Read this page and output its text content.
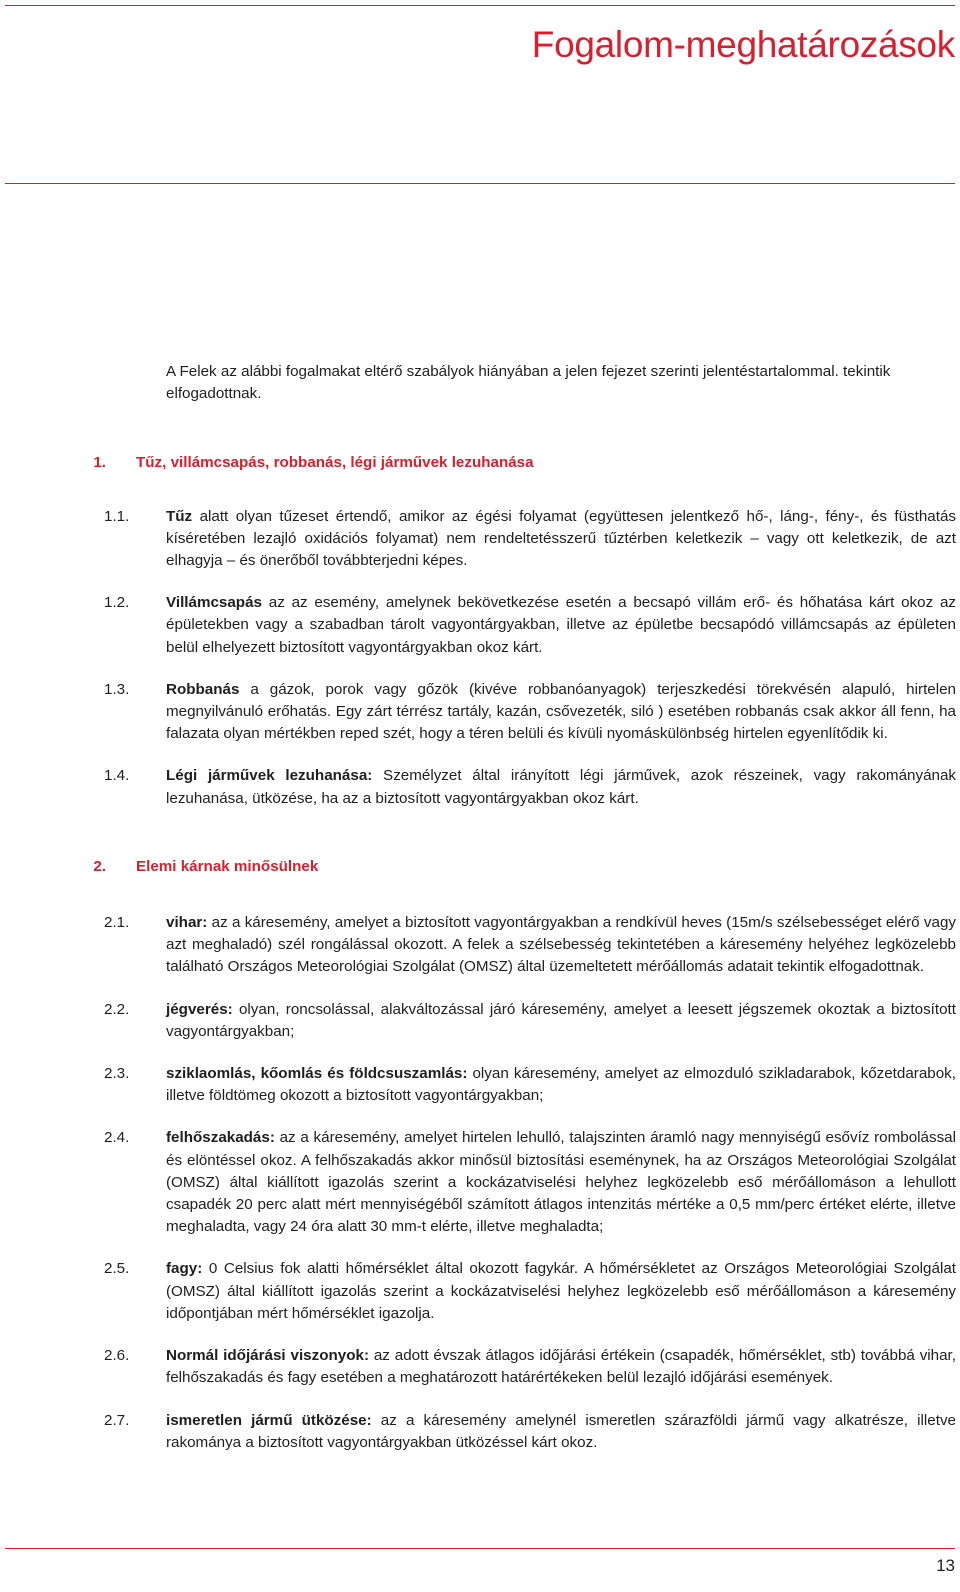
Fogalom-meghatározások

A Felek az alábbi fogalmakat eltérő szabályok hiányában a jelen fejezet szerinti jelentéstartalommal. tekintik elfogadottnak.

1.	Tűz, villámcsapás, robbanás, légi járművek lezuhanása
1.1.	Tűz alatt olyan tűzeset értendő, amikor az égési folyamat (együttesen jelentkező hő-, láng-, fény-, és füsthatás kíséretében lezajló oxidációs folyamat) nem rendeltetésszerű tűztérben keletkezik – vagy ott keletkezik, de azt elhagyja – és önerőből továbbterjedni képes.
1.2.	Villámcsapás az az esemény, amelynek bekövetkezése esetén a becsapó villám erő- és hőhatása kárt okoz az épületekben vagy a szabadban tárolt vagyontárgyakban, illetve az épületbe becsapódó villámcsapás az épületen belül elhelyezett biztosított vagyontárgyakban okoz kárt.
1.3.	Robbanás a gázok, porok vagy gőzök (kivéve robbanóanyagok) terjeszkedési törekvésén alapuló, hirtelen megnyilvánuló erőhatás. Egy zárt térrész tartály, kazán, csővezeték, siló ) esetében robbanás csak akkor áll fenn, ha falazata olyan mértékben reped szét, hogy a téren belüli és kívüli nyomáskülönbség hirtelen egyenlítődik ki.
1.4.	Légi járművek lezuhanása: Személyzet által irányított légi járművek, azok részeinek, vagy rakományának lezuhanása, ütközése, ha az a biztosított vagyontárgyakban okoz kárt.
2.	Elemi kárnak minősülnek
2.1.	vihar: az a káresemény, amelyet a biztosított vagyontárgyakban a rendkívül heves (15m/s szélsebességet elérő vagy azt meghaladó) szél rongálással okozott. A felek a szélsebesség tekintetében a káresemény helyéhez legközelebb található Országos Meteorológiai Szolgálat (OMSZ) által üzemeltetett mérőállomás adatait tekintik elfogadottnak.
2.2.	jégverés: olyan, roncsolással, alakváltozással járó káresemény, amelyet a leesett jégszemek okoztak a biztosított vagyontárgyakban;
2.3.	sziklaomlás, kőomlás és földcsuszamlás: olyan káresemény, amelyet az elmozduló szikladarabok, kőzetdarabok, illetve földtömeg okozott a biztosított vagyontárgyakban;
2.4.	felhőszakadás: az a káresemény, amelyet hirtelen lehulló, talajszinten áramló nagy mennyiségű esővíz rombolással és elöntéssel okoz. A felhőszakadás akkor minősül biztosítási eseménynek, ha az Országos Meteorológiai Szolgálat (OMSZ) által kiállított igazolás szerint a kockázatviselési helyhez legközelebb eső mérőállomáson a lehullott csapadék 20 perc alatt mért mennyiségéből számított átlagos intenzitás mértéke a 0,5 mm/perc értéket elérte, illetve meghaladta, vagy 24 óra alatt 30 mm-t elérte, illetve meghaladta;
2.5.	fagy: 0 Celsius fok alatti hőmérséklet által okozott fagykár. A hőmérsékletet az Országos Meteorológiai Szolgálat (OMSZ) által kiállított igazolás szerint a kockázatviselési helyhez legközelebb eső mérőállomáson a káresemény időpontjában mért hőmérséklet igazolja.
2.6.	Normál időjárási viszonyok: az adott évszak átlagos időjárási értékein (csapadék, hőmérséklet, stb) továbbá vihar, felhőszakadás és fagy esetében a meghatározott határértékeken belül lezajló időjárási események.
2.7.	ismeretlen jármű ütközése: az a káresemény amelynél ismeretlen szárazföldi jármű vagy alkatrésze, illetve rakománya a biztosított vagyontárgyakban ütközéssel kárt okoz.
13
